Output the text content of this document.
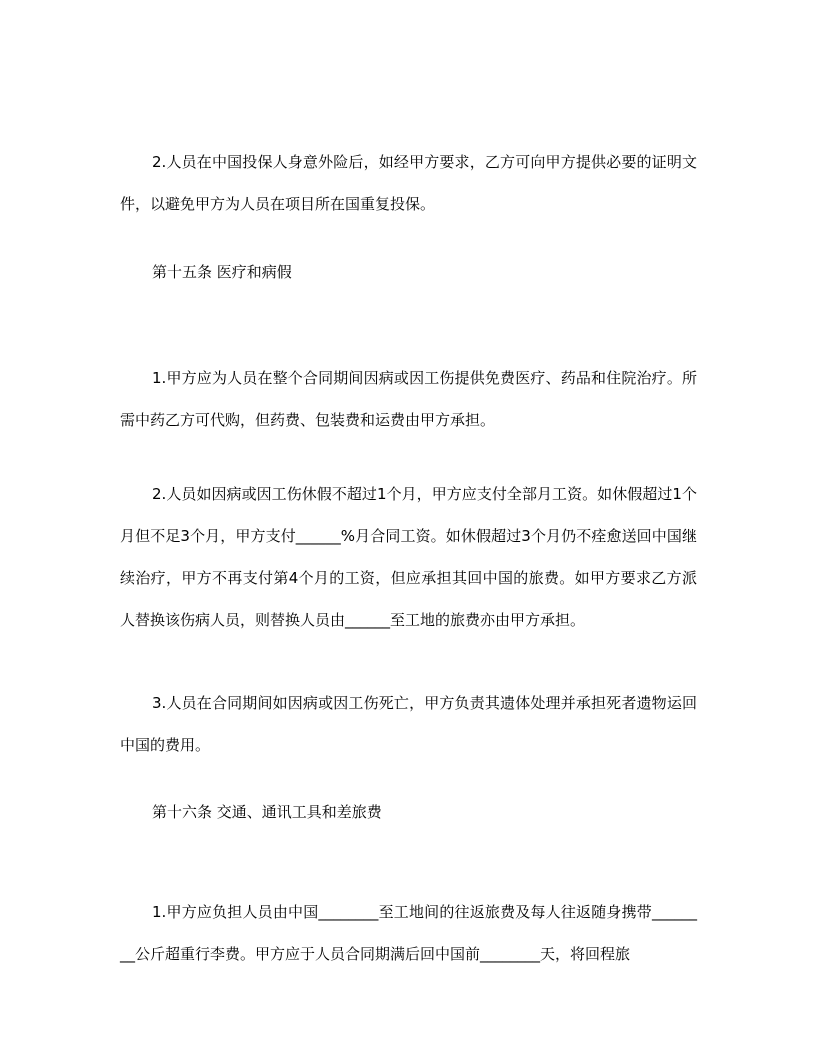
2.人员在中国投保人身意外险后，如经甲方要求，乙方可向甲方提供必要的证明文件，以避免甲方为人员在项目所在国重复投保。

第十五条 医疗和病假

1.甲方应为人员在整个合同期间因病或因工伤提供免费医疗、药品和住院治疗。所需中药乙方可代购，但药费、包装费和运费由甲方承担。

2.人员如因病或因工伤休假不超过1个月，甲方应支付全部月工资。如休假超过1个月但不足3个月，甲方支付______%月合同工资。如休假超过3个月仍不痊愈送回中国继续治疗，甲方不再支付第4个月的工资，但应承担其回中国的旅费。如甲方要求乙方派人替换该伤病人员，则替换人员由______至工地的旅费亦由甲方承担。

3.人员在合同期间如因病或因工伤死亡，甲方负责其遗体处理并承担死者遗物运回中国的费用。

第十六条 交通、通讯工具和差旅费

1.甲方应负担人员由中国________至工地间的往返旅费及每人往返随身携带________公斤超重行李费。甲方应于人员合同期满后回中国前________天，将回程旅
